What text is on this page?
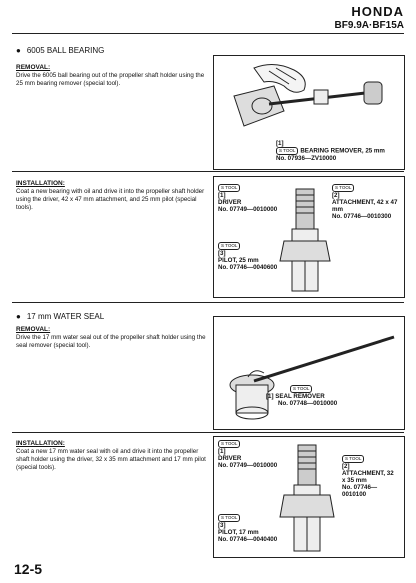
HONDA
BF9.9A·BF15A
● 6005 BALL BEARING
REMOVAL:
Drive the 6005 ball bearing out of the propeller shaft holder using the 25 mm bearing remover (special tool).
[1]
S TOOL BEARING REMOVER, 25 mm
No. 07936—ZV10000
INSTALLATION:
Coat a new bearing with oil and drive it into the propeller shaft holder using the driver, 42 x 47 mm attachment, and 25 mm pilot (special tools).
S TOOL
[1]
DRIVER
No. 07749—0010000
S TOOL
[2]
ATTACHMENT, 42 x 47 mm
No. 07746—0010300
S TOOL
[3]
PILOT, 25 mm
No. 07746—0040600
● 17 mm WATER SEAL
REMOVAL:
Drive the 17 mm water seal out of the propeller shaft holder using the seal remover (special tool).
S TOOL
[1] SEAL REMOVER
No. 07748—0010000
INSTALLATION:
Coat a new 17 mm water seal with oil and drive it into the propeller shaft holder using the driver, 32 x 35 mm attachment and 17 mm pilot (special tools).
S TOOL
[1]
DRIVER
No. 07749—0010000
S TOOL
[2]
ATTACHMENT, 32 x 35 mm
No. 07746—0010100
S TOOL
[3]
PILOT, 17 mm
No. 07746—0040400
12-5
